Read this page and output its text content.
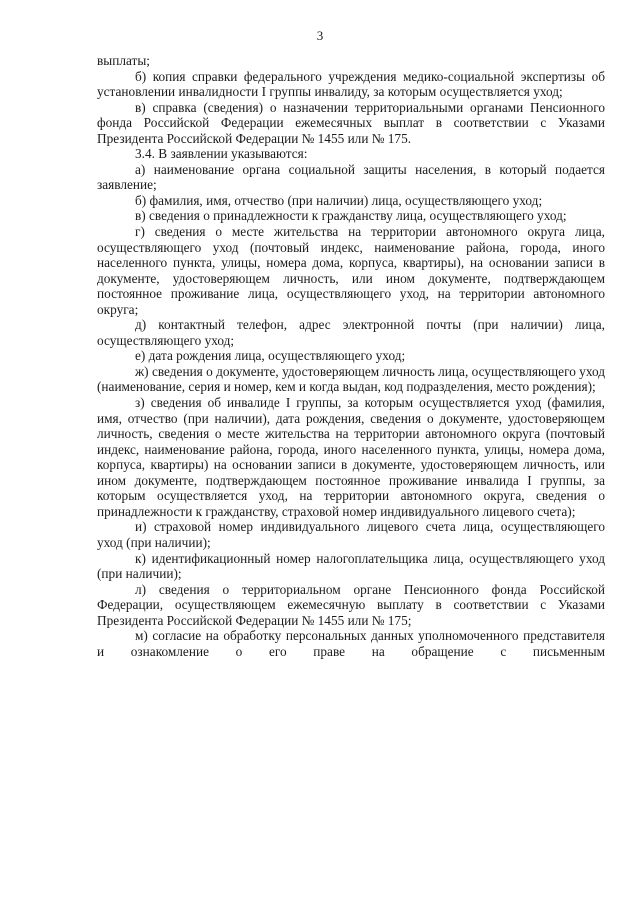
3

выплаты;

б) копия справки федерального учреждения медико-социальной экспертизы об установлении инвалидности I группы инвалиду, за которым осуществляется уход;

в) справка (сведения) о назначении территориальными органами Пенсионного фонда Российской Федерации ежемесячных выплат в соответствии с Указами Президента Российской Федерации № 1455 или № 175.

3.4. В заявлении указываются:

а) наименование органа социальной защиты населения, в который подается заявление;

б) фамилия, имя, отчество (при наличии) лица, осуществляющего уход;

в) сведения о принадлежности к гражданству лица, осуществляющего уход;

г) сведения о месте жительства на территории автономного округа лица, осуществляющего уход (почтовый индекс, наименование района, города, иного населенного пункта, улицы, номера дома, корпуса, квартиры), на основании записи в документе, удостоверяющем личность, или ином документе, подтверждающем постоянное проживание лица, осуществляющего уход, на территории автономного округа;

д) контактный телефон, адрес электронной почты (при наличии) лица, осуществляющего уход;

е) дата рождения лица, осуществляющего уход;

ж) сведения о документе, удостоверяющем личность лица, осуществляющего уход (наименование, серия и номер, кем и когда выдан, код подразделения, место рождения);

з) сведения об инвалиде I группы, за которым осуществляется уход (фамилия, имя, отчество (при наличии), дата рождения, сведения о документе, удостоверяющем личность, сведения о месте жительства на территории автономного округа (почтовый индекс, наименование района, города, иного населенного пункта, улицы, номера дома, корпуса, квартиры) на основании записи в документе, удостоверяющем личность, или ином документе, подтверждающем постоянное проживание инвалида I группы, за которым осуществляется уход, на территории автономного округа, сведения о принадлежности к гражданству, страховой номер индивидуального лицевого счета);

и) страховой номер индивидуального лицевого счета лица, осуществляющего уход (при наличии);

к) идентификационный номер налогоплательщика лица, осуществляющего уход (при наличии);

л) сведения о территориальном органе Пенсионного фонда Российской Федерации, осуществляющем ежемесячную выплату в соответствии с Указами Президента Российской Федерации № 1455 или № 175;

м) согласие на обработку персональных данных уполномоченного представителя и ознакомление о его праве на обращение с письменным
